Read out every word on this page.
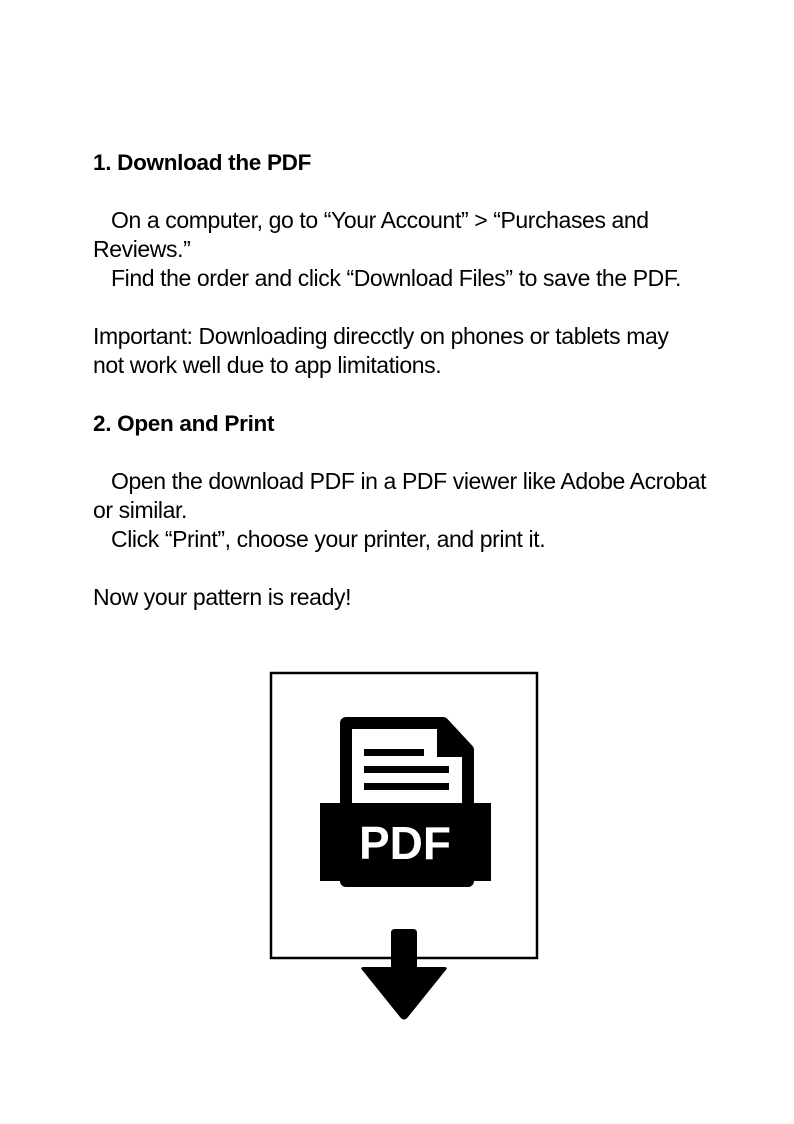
1. Download the PDF

On a computer, go to “Your Account” > “Purchases and

Reviews.”

Find the order and click “Download Files” to save the PDF.

Important: Downloading direcctly on phones or tablets may

not work well due to app limitations.

2. Open and Print

Open the download PDF in a PDF viewer like Adobe Acrobat

or similar.

Click “Print”, choose your printer, and print it.

Now your pattern is ready!

PDF
